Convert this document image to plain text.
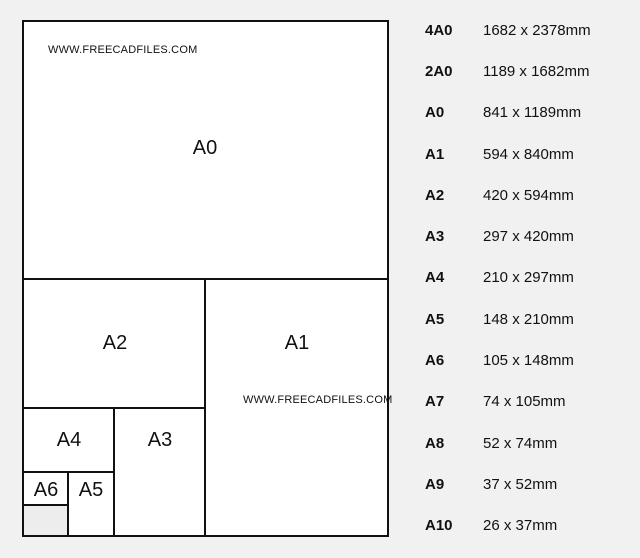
A0
WWW.FREECADFILES.COM
A1
WWW.FREECADFILES.COM
A2
A3
A4
A5
A6
4A0	1682 x 2378mm
2A0	1189 x 1682mm
A0	841 x 1189mm
A1	594 x 840mm
A2	420 x 594mm
A3	297 x 420mm
A4	210 x 297mm
A5	148 x 210mm
A6	105 x 148mm
A7	74 x 105mm
A8	52 x 74mm
A9	37 x 52mm
A10	26 x 37mm
